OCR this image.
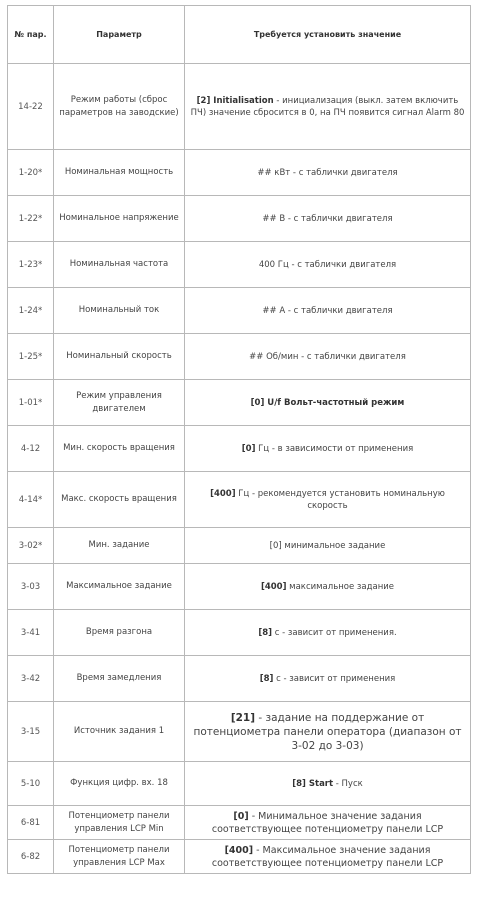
№ пар.	Параметр	Требуется установить значение
14-22	Режим работы (сброс параметров на заводские)	[2] Initialisation - инициализация (выкл. затем включить ПЧ) значение сбросится в 0, на ПЧ появится сигнал Alarm 80
1-20*	Номинальная мощность	## кВт - с таблички двигателя
1-22*	Номинальное напряжение	## В - с таблички двигателя
1-23*	Номинальная частота	400 Гц - с таблички двигателя
1-24*	Номинальный ток	## А - с таблички двигателя
1-25*	Номинальный скорость	## Об/мин - с таблички двигателя
1-01*	Режим управления двигателем	[0] U/f Вольт-частотный режим
4-12	Мин. скорость вращения	[0] Гц - в зависимости от применения
4-14*	Макс. скорость вращения	[400] Гц - рекомендуется установить номинальную скорость
3-02*	Мин. задание	[0] минимальное задание
3-03	Максимальное задание	[400] максимальное задание
3-41	Время разгона	[8] с - зависит от применения.
3-42	Время замедления	[8] с - зависит от применения
3-15	Источник задания 1	[21] - задание на поддержание от потенциометра панели оператора (диапазон от 3-02 до 3-03)
5-10	Функция цифр. вх. 18	[8] Start - Пуск
6-81	Потенциометр панели управления LCP Min	[0] - Минимальное значение задания соответствующее потенциометру панели LCP
6-82	Потенциометр панели управления LCP Max	[400] - Максимальное значение задания соответствующее потенциометру панели LCP
